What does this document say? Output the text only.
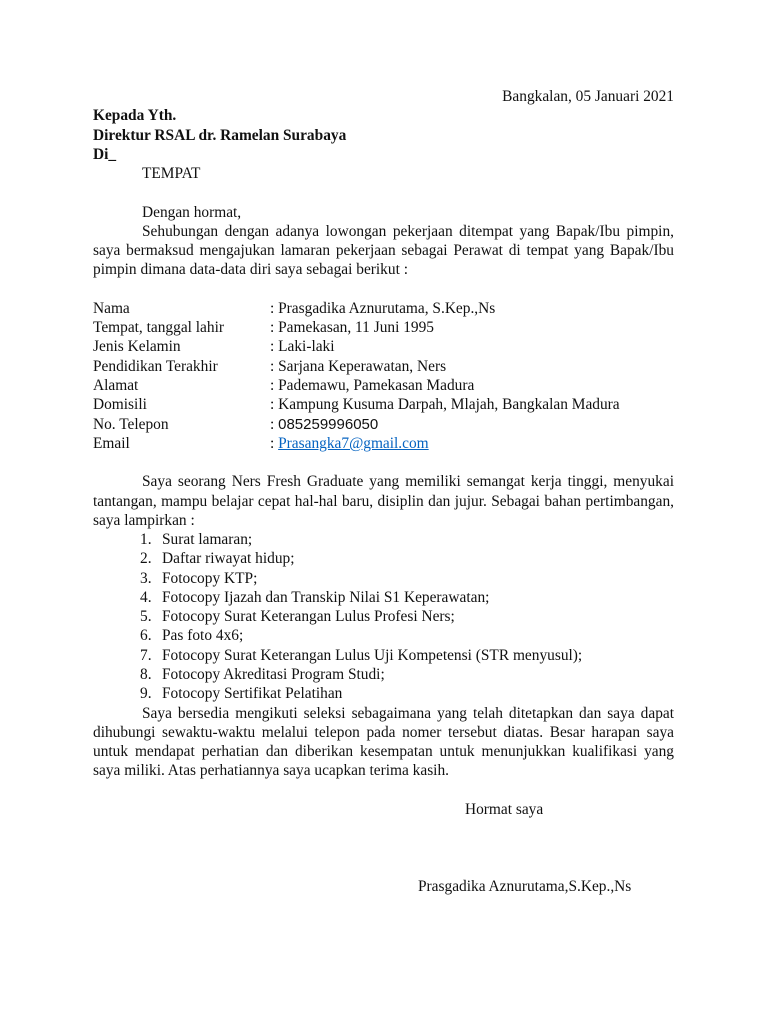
Bangkalan, 05 Januari 2021
Kepada Yth.
Direktur RSAL dr. Ramelan Surabaya
Di_
TEMPAT
Dengan hormat,
Sehubungan dengan adanya lowongan pekerjaan ditempat yang Bapak/Ibu pimpin,
saya bermaksud mengajukan lamaran pekerjaan sebagai Perawat di tempat yang Bapak/Ibu
pimpin dimana data-data diri saya sebagai berikut :
Nama	: Prasgadika Aznurutama, S.Kep.,Ns
Tempat, tanggal lahir	: Pamekasan, 11 Juni 1995
Jenis Kelamin	: Laki-laki
Pendidikan Terakhir	: Sarjana Keperawatan, Ners
Alamat	: Pademawu, Pamekasan Madura
Domisili	: Kampung Kusuma Darpah, Mlajah, Bangkalan Madura
No. Telepon	: 085259996050
Email	: Prasangka7@gmail.com
Saya seorang Ners Fresh Graduate yang memiliki semangat kerja tinggi, menyukai
tantangan, mampu belajar cepat hal-hal baru, disiplin dan jujur. Sebagai bahan pertimbangan,
saya lampirkan :
1. Surat lamaran;
2. Daftar riwayat hidup;
3. Fotocopy KTP;
4. Fotocopy Ijazah dan Transkip Nilai S1 Keperawatan;
5. Fotocopy Surat Keterangan Lulus Profesi Ners;
6. Pas foto 4x6;
7. Fotocopy Surat Keterangan Lulus Uji Kompetensi (STR menyusul);
8. Fotocopy Akreditasi Program Studi;
9. Fotocopy Sertifikat Pelatihan
Saya bersedia mengikuti seleksi sebagaimana yang telah ditetapkan dan saya dapat
dihubungi sewaktu-waktu melalui telepon pada nomer tersebut diatas. Besar harapan saya
untuk mendapat perhatian dan diberikan kesempatan untuk menunjukkan kualifikasi yang
saya miliki. Atas perhatiannya saya ucapkan terima kasih.
Hormat saya
Prasgadika Aznurutama,S.Kep.,Ns
